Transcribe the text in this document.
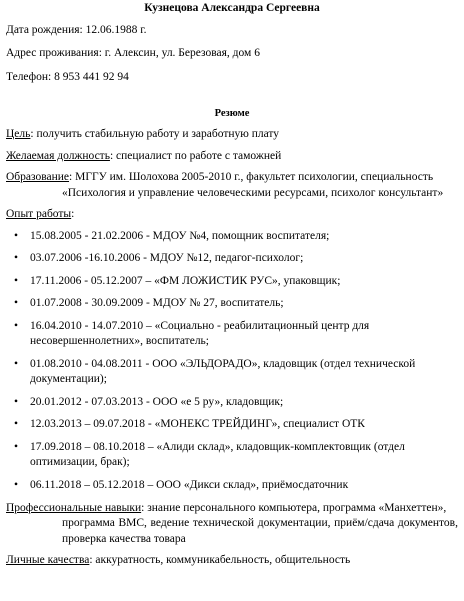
Кузнецова Александра Сергеевна

Дата рождения: 12.06.1988 г.

Адрес проживания: г. Алексин, ул. Березовая, дом 6

Телефон: 8 953 441 92 94

Резюме

Цель: получить стабильную работу и заработную плату

Желаемая должность: специалист по работе с таможней

Образование: МГГУ им. Шолохова 2005-2010 г., факультет психологии, специальность
«Психология и управление человеческими ресурсами, психолог консультант»

Опыт работы:

• 15.08.2005 - 21.02.2006 - МДОУ №4, помощник воспитателя;
• 03.07.2006 -16.10.2006 - МДОУ №12, педагог-психолог;
• 17.11.2006 - 05.12.2007 – «ФМ ЛОЖИСТИК РУС», упаковщик;
• 01.07.2008 - 30.09.2009 - МДОУ № 27, воспитатель;
• 16.04.2010 - 14.07.2010 – «Социально - реабилитационный центр для
несовершеннолетних», воспитатель;
• 01.08.2010 - 04.08.2011 - ООО «ЭЛЬДОРАДО», кладовщик (отдел технической
документации);
• 20.01.2012 - 07.03.2013 - ООО «е 5 ру», кладовщик;
• 12.03.2013 – 09.07.2018 - «МОНЕКС ТРЕЙДИНГ», специалист ОТК
• 17.09.2018 – 08.10.2018 – «Алиди склад», кладовщик-комплектовщик (отдел
оптимизации, брак);
• 06.11.2018 – 05.12.2018 – ООО «Дикси склад», приёмосдаточник

Профессиональные навыки: знание персонального компьютера, программа «Манхеттен»,
программа ВМС, ведение технической документации, приём/сдача документов, проверка качества товара

Личные качества: аккуратность, коммуникабельность, общительность
